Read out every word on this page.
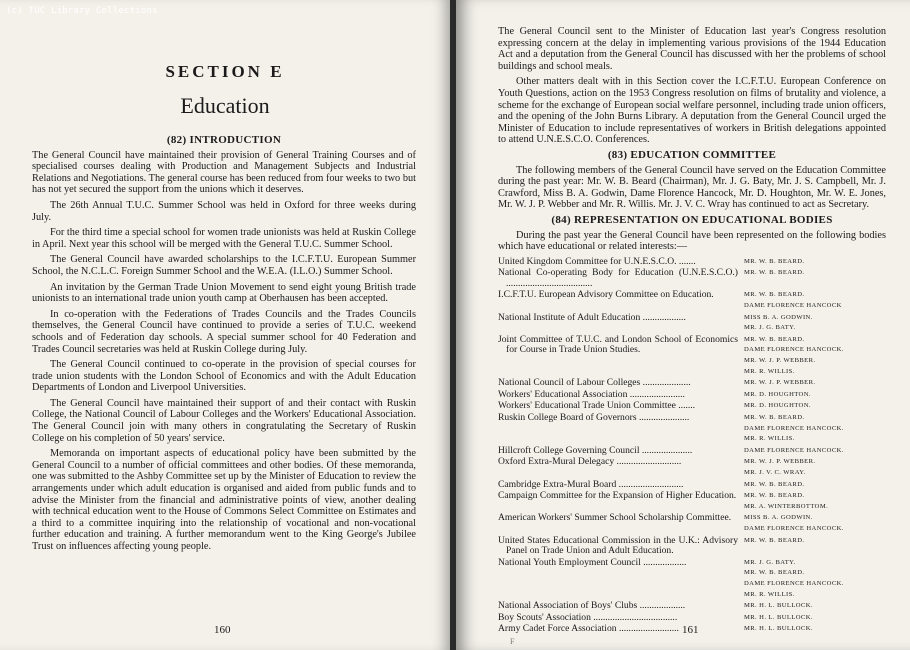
(c) TUC Library Collections
SECTION E
Education
(82) INTRODUCTION

The General Council have maintained their provision of General Training Courses and of specialised courses dealing with Production and Management Subjects and Industrial Relations and Negotiations. The general course has been reduced from four weeks to two but has not yet secured the support from the unions which it deserves.

The 26th Annual T.U.C. Summer School was held in Oxford for three weeks during July.

For the third time a special school for women trade unionists was held at Ruskin College in April. Next year this school will be merged with the General T.U.C. Summer School.

The General Council have awarded scholarships to the I.C.F.T.U. European Summer School, the N.C.L.C. Foreign Summer School and the W.E.A. (I.L.O.) Summer School.

An invitation by the German Trade Union Movement to send eight young British trade unionists to an international trade union youth camp at Oberhausen has been accepted.

In co-operation with the Federations of Trades Councils and the Trades Councils themselves, the General Council have continued to provide a series of T.U.C. weekend schools and of Federation day schools. A special summer school for 40 Federation and Trades Council secretaries was held at Ruskin College during July.

The General Council continued to co-operate in the provision of special courses for trade union students with the London School of Economics and with the Adult Education Departments of London and Liverpool Universities.

The General Council have maintained their support of and their contact with Ruskin College, the National Council of Labour Colleges and the Workers' Educational Association. The General Council join with many others in congratulating the Secretary of Ruskin College on his completion of 50 years' service.

Memoranda on important aspects of educational policy have been submitted by the General Council to a number of official committees and other bodies. Of these memoranda, one was submitted to the Ashby Committee set up by the Minister of Education to review the arrangements under which adult education is organised and aided from public funds and to advise the Minister from the financial and administrative points of view, another dealing with technical education went to the House of Commons Select Committee on Estimates and a third to a committee inquiring into the relationship of vocational and non-vocational further education and training. A further memorandum went to the King George's Jubilee Trust on influences affecting young people.

160

The General Council sent to the Minister of Education last year's Congress resolution expressing concern at the delay in implementing various provisions of the 1944 Education Act and a deputation from the General Council has discussed with her the problems of school buildings and school meals.

Other matters dealt with in this Section cover the I.C.F.T.U. European Conference on Youth Questions, action on the 1953 Congress resolution on films of brutality and violence, a scheme for the exchange of European social welfare personnel, including trade union officers, and the opening of the John Burns Library. A deputation from the General Council urged the Minister of Education to include representatives of workers in British delegations appointed to attend U.N.E.S.C.O. Conferences.

(83) EDUCATION COMMITTEE

The following members of the General Council have served on the Education Committee during the past year: Mr. W. B. Beard (Chairman), Mr. J. G. Baty, Mr. J. S. Campbell, Mr. J. Crawford, Miss B. A. Godwin, Dame Florence Hancock, Mr. D. Houghton, Mr. W. E. Jones, Mr. W. J. P. Webber and Mr. R. Willis. Mr. J. V. C. Wray has continued to act as Secretary.

(84) REPRESENTATION ON EDUCATIONAL BODIES

During the past year the General Council have been represented on the following bodies which have educational or related interests:—

United Kingdom Committee for U.N.E.S.C.O. .......	MR. W. B. BEARD.
National Co-operating Body for Education (U.N.E.S.C.O.) ....................................
MR. W. B. BEARD.
I.C.F.T.U. European Advisory Committee on Education.	MR. W. B. BEARD.
DAME FLORENCE HANCOCK
National Institute of Adult Education ..................	MISS B. A. GODWIN.
MR. J. G. BATY.
Joint Committee of T.U.C. and London School of Economics for Course in Trade Union Studies.
MR. W. B. BEARD.
DAME FLORENCE HANCOCK.
MR. W. J. P. WEBBER.
MR. R. WILLIS.
National Council of Labour Colleges ....................	MR. W. J. P. WEBBER.
Workers' Educational Association .......................	MR. D. HOUGHTON.
Workers' Educational Trade Union Committee .......	MR. D. HOUGHTON.
Ruskin College Board of Governors .....................	MR. W. B. BEARD.
DAME FLORENCE HANCOCK.
MR. R. WILLIS.
Hillcroft College Governing Council .....................	DAME FLORENCE HANCOCK.
Oxford Extra-Mural Delegacy ...........................	MR. W. J. P. WEBBER.
MR. J. V. C. WRAY.
Cambridge Extra-Mural Board ...........................	MR. W. B. BEARD.
Campaign Committee for the Expansion of Higher Education. MR. W. B. BEARD.
MR. A. WINTERBOTTOM.
American Workers' Summer School Scholarship Committee.	MISS B. A. GODWIN.
DAME FLORENCE HANCOCK.
United States Educational Commission in the U.K.: Advisory Panel on Trade Union and Adult Education.
MR. W. B. BEARD.
National Youth Employment Council ..................	MR. J. G. BATY.
MR. W. B. BEARD.
DAME FLORENCE HANCOCK.
MR. R. WILLIS.
National Association of Boys' Clubs ...................	MR. H. L. BULLOCK.
Boy Scouts' Association ...................................	MR. H. L. BULLOCK.
Army Cadet Force Association .........................	MR. H. L. BULLOCK.
161
F
